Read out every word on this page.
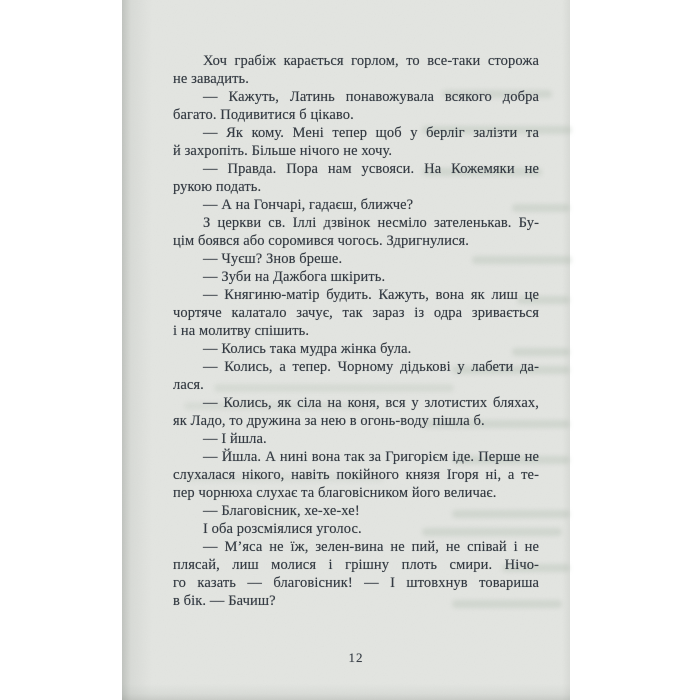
Хоч грабіж карається горлом, то все-таки сторожа
не завадить.
— Кажуть, Латинь понавожувала всякого добра
багато. Подивитися б цікаво.
— Як кому. Мені тепер щоб у берліг залізти та
й захропіть. Більше нічого не хочу.
— Правда. Пора нам усвояси. На Кожемяки не
рукою подать.
— А на Гончарі, гадаєш, ближче?
З церкви св. Іллі дзвінок несміло зателенькав. Бу-
цім боявся або соромився чогось. Здригнулися.
— Чуєш? Знов бреше.
— Зуби на Дажбога шкірить.
— Княгиню-матір будить. Кажуть, вона як лиш це
чортяче калатало зачує, так зараз із одра зривається
і на молитву спішить.
— Колись така мудра жінка була.
— Колись, а тепер. Чорному дідькові у лабети да-
лася.
— Колись, як сіла на коня, вся у злотистих бляхах,
як Ладо, то дружина за нею в огонь-воду пішла б.
— І йшла.
— Йшла. А нині вона так за Григорієм іде. Перше не
слухалася нікого, навіть покійного князя Ігоря ні, а те-
пер чорнюха слухає та благовісником його величає.
— Благовісник, хе-хе-хе!
І оба розсміялися уголос.
— М’яса не їж, зелен-вина не пий, не співай і не
плясай, лиш молися і грішну плоть смири. Нічо-
го казать — благовісник! — І штовхнув товариша
в бік. — Бачиш?
12
